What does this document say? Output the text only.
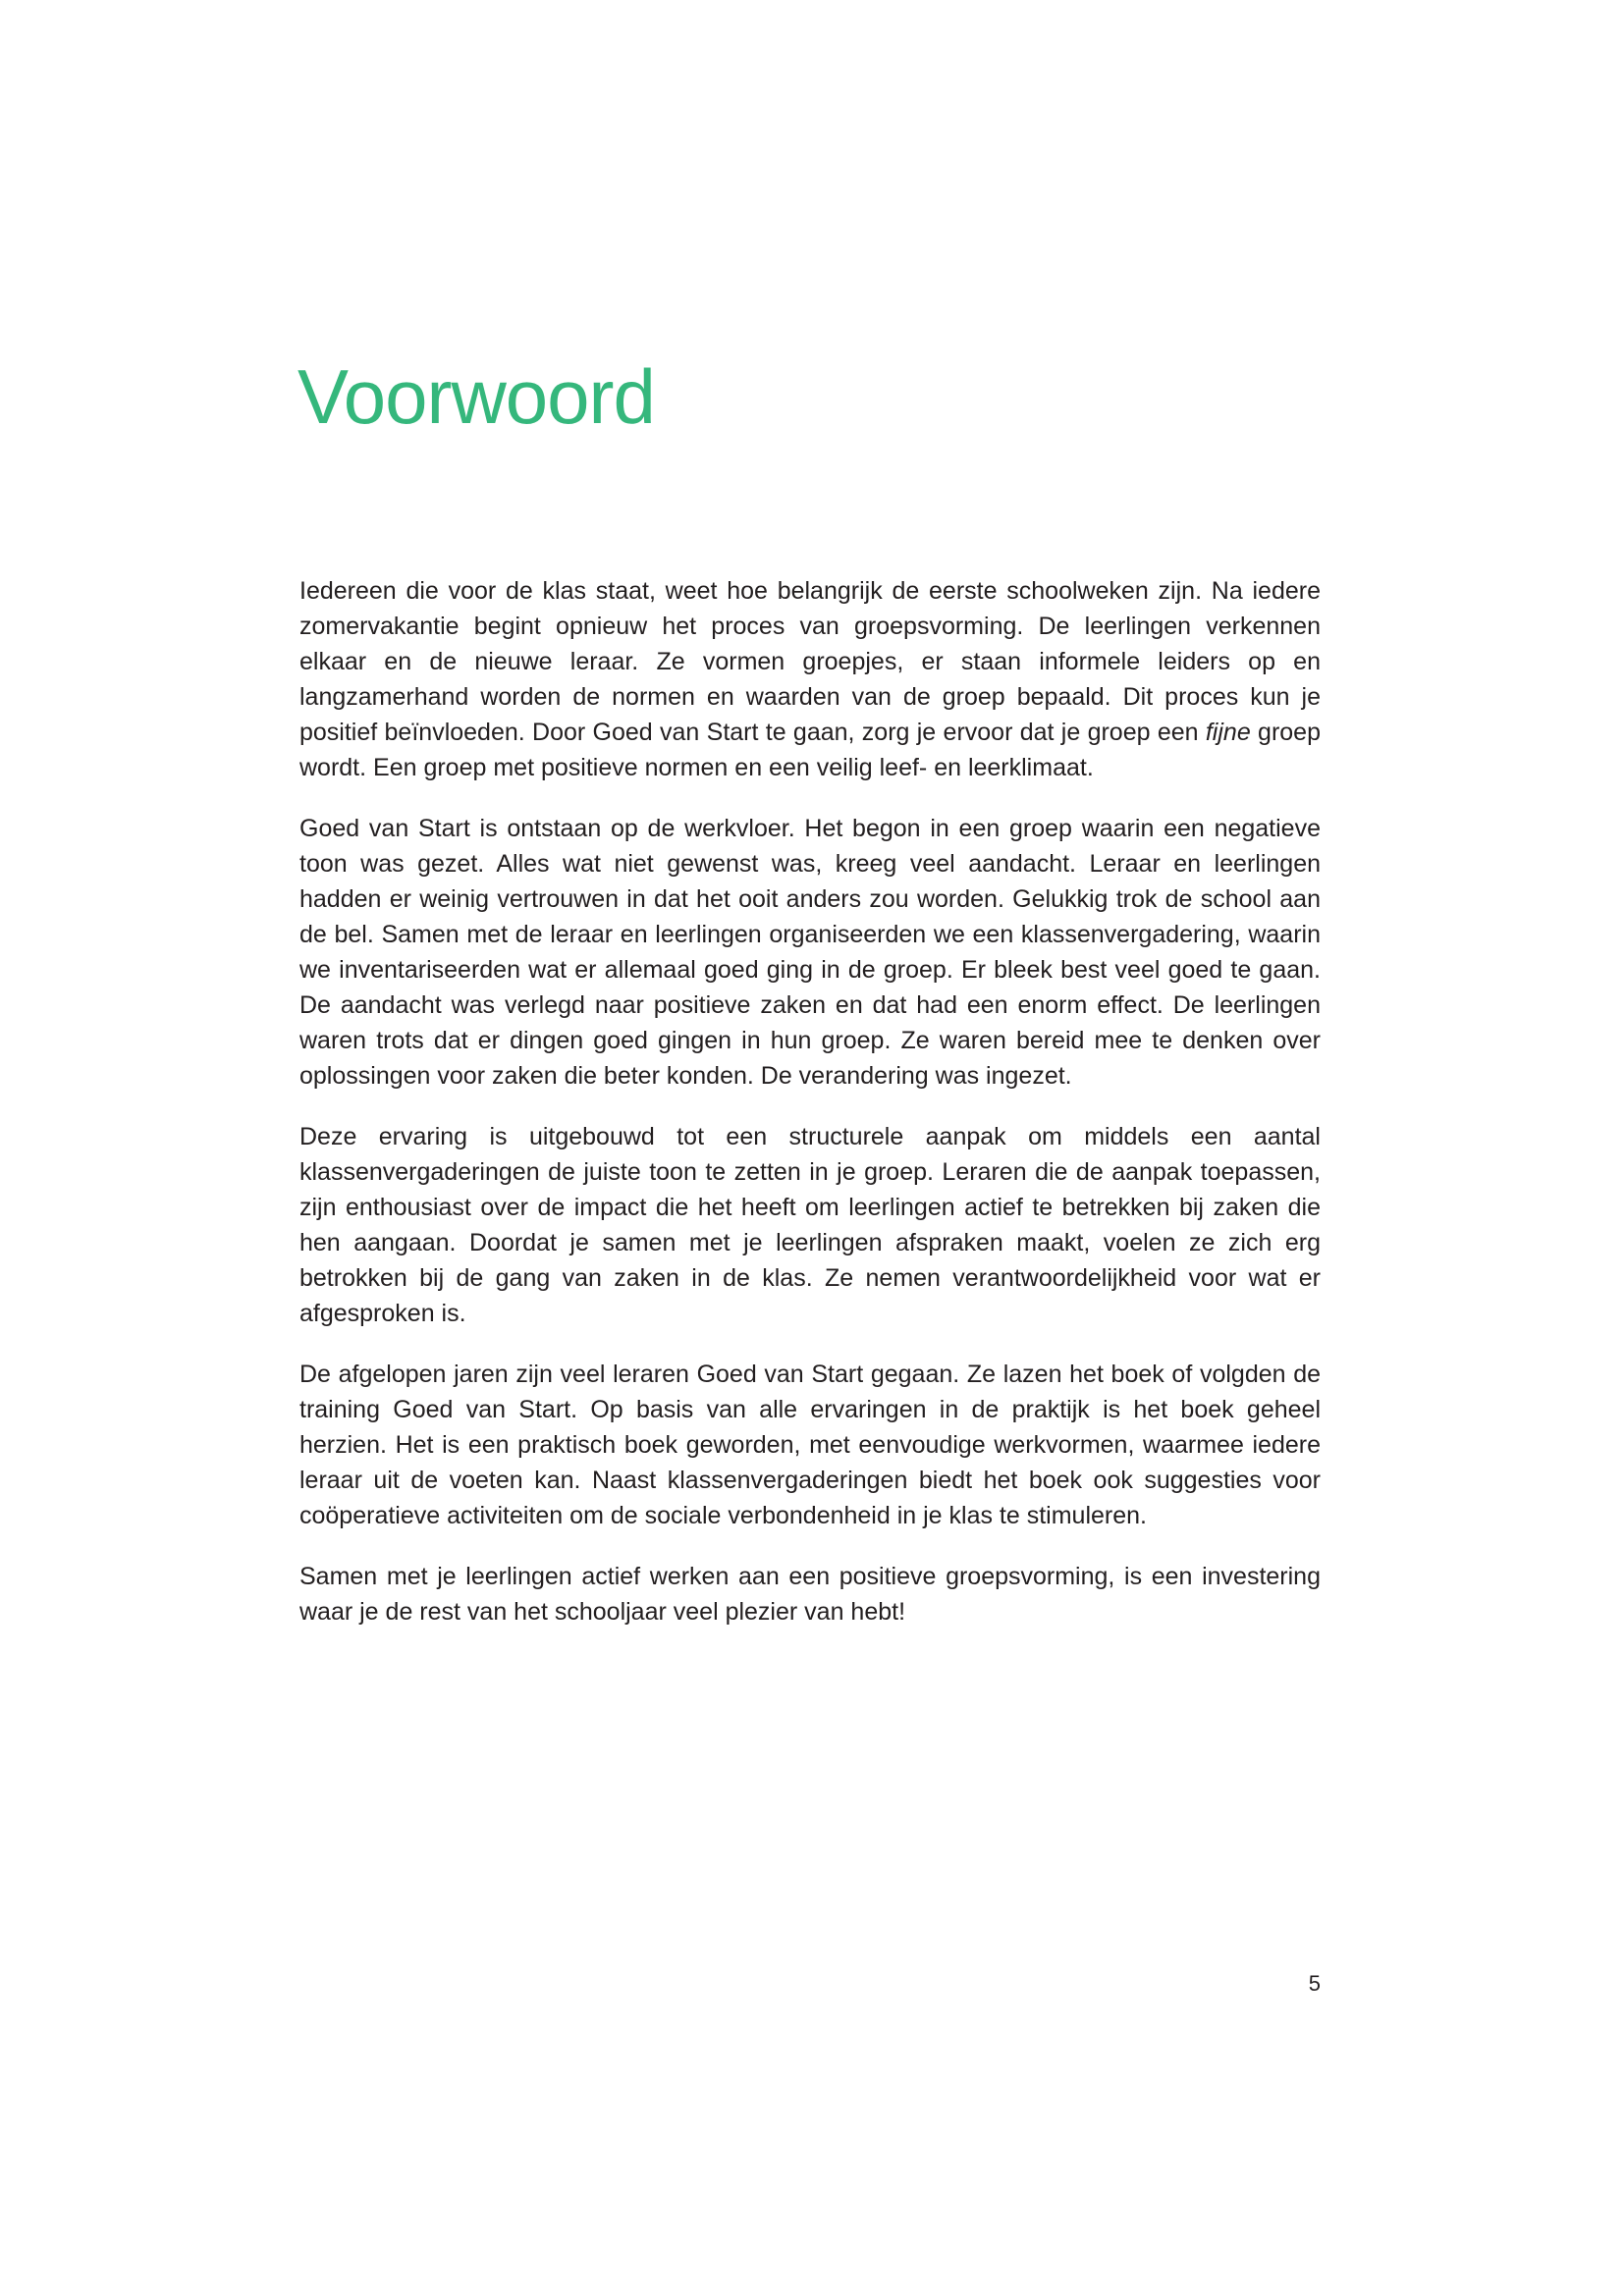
Voorwoord

Iedereen die voor de klas staat, weet hoe belangrijk de eerste schoolweken zijn. Na iedere zomervakantie begint opnieuw het proces van groepsvorming. De leerlingen verkennen elkaar en de nieuwe leraar. Ze vormen groepjes, er staan informele leiders op en langzamerhand worden de normen en waarden van de groep bepaald. Dit proces kun je positief beïnvloeden. Door Goed van Start te gaan, zorg je ervoor dat je groep een fijne groep wordt. Een groep met positieve normen en een veilig leef- en leerklimaat.

Goed van Start is ontstaan op de werkvloer. Het begon in een groep waarin een negatieve toon was gezet. Alles wat niet gewenst was, kreeg veel aandacht. Leraar en leerlingen hadden er weinig vertrouwen in dat het ooit anders zou worden. Gelukkig trok de school aan de bel. Samen met de leraar en leerlingen organiseerden we een klassenvergadering, waarin we inventariseerden wat er allemaal goed ging in de groep. Er bleek best veel goed te gaan. De aandacht was verlegd naar positieve zaken en dat had een enorm effect. De leerlingen waren trots dat er dingen goed gingen in hun groep. Ze waren bereid mee te denken over oplossingen voor zaken die beter konden. De verandering was ingezet.

Deze ervaring is uitgebouwd tot een structurele aanpak om middels een aantal klassenvergaderingen de juiste toon te zetten in je groep. Leraren die de aanpak toepassen, zijn enthousiast over de impact die het heeft om leerlingen actief te betrekken bij zaken die hen aangaan. Doordat je samen met je leerlingen afspraken maakt, voelen ze zich erg betrokken bij de gang van zaken in de klas. Ze nemen verantwoordelijkheid voor wat er afgesproken is.

De afgelopen jaren zijn veel leraren Goed van Start gegaan. Ze lazen het boek of volgden de training Goed van Start. Op basis van alle ervaringen in de praktijk is het boek geheel herzien. Het is een praktisch boek geworden, met eenvoudige werkvormen, waarmee iedere leraar uit de voeten kan. Naast klassenvergaderingen biedt het boek ook suggesties voor coöperatieve activiteiten om de sociale verbondenheid in je klas te stimuleren.

Samen met je leerlingen actief werken aan een positieve groepsvorming, is een investering waar je de rest van het schooljaar veel plezier van hebt!

5
